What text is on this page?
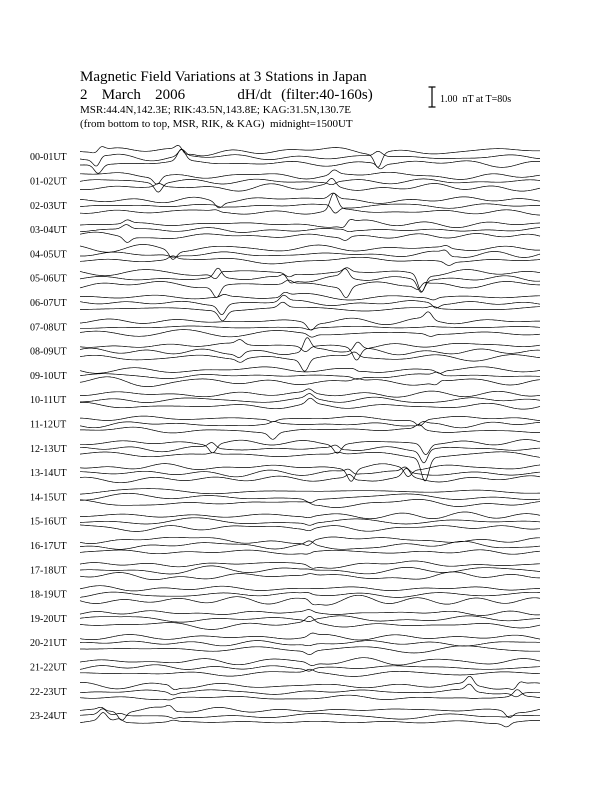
Magnetic Field Variations at 3 Stations in Japan
2   March   2006           dH/dt  (filter:40-160s)
MSR:44.4N,142.3E; RIK:43.5N,143.8E; KAG:31.5N,130.7E
(from bottom to top, MSR, RIK, & KAG)  midnight=1500UT
1.00  nT at T=80s
00-01UT
01-02UT
02-03UT
03-04UT
04-05UT
05-06UT
06-07UT
07-08UT
08-09UT
09-10UT
10-11UT
11-12UT
12-13UT
13-14UT
14-15UT
15-16UT
16-17UT
17-18UT
18-19UT
19-20UT
20-21UT
21-22UT
22-23UT
23-24UT
